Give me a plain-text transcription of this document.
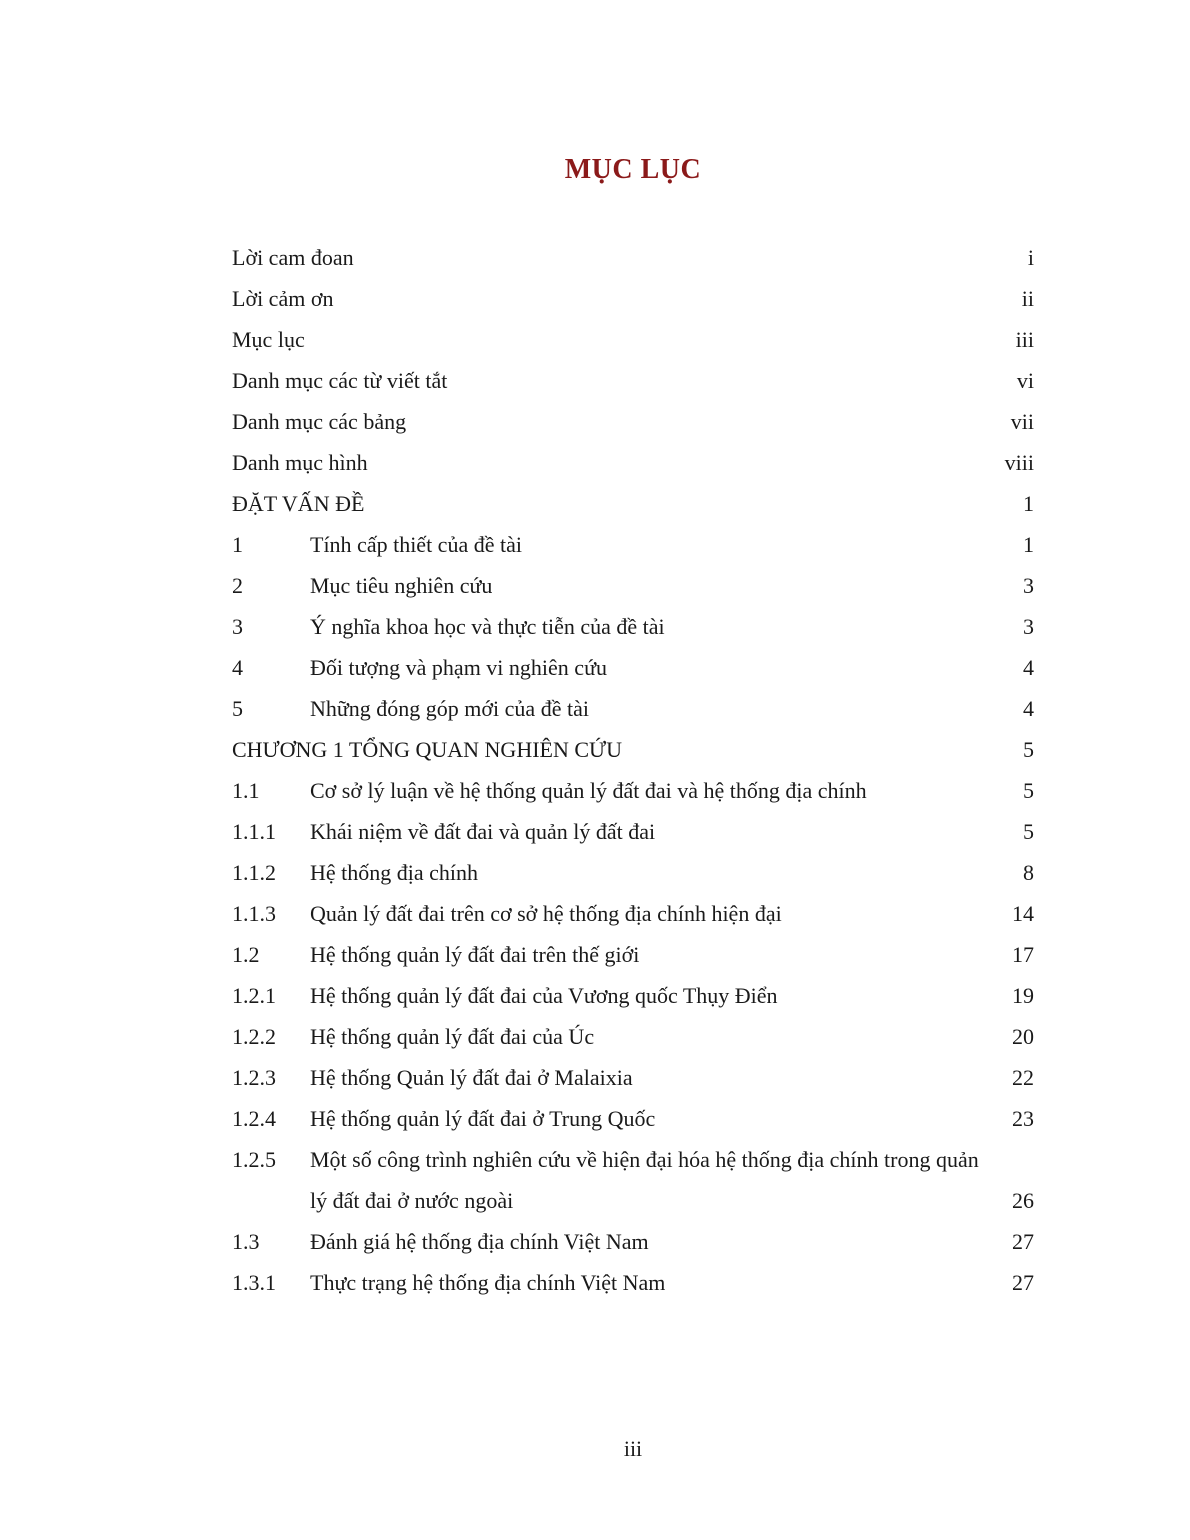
MỤC LỤC
Lời cam đoan	i
Lời cảm ơn	ii
Mục lục	iii
Danh mục các từ viết tắt	vi
Danh mục các bảng	vii
Danh mục hình	viii
ĐẶT VẤN ĐỀ	1
1	Tính cấp thiết của đề tài	1
2	Mục tiêu nghiên cứu	3
3	Ý nghĩa khoa học và thực tiễn của đề tài	3
4	Đối tượng và phạm vi nghiên cứu	4
5	Những đóng góp mới của đề tài	4
CHƯƠNG 1 TỔNG QUAN NGHIÊN CỨU	5
1.1 Cơ sở lý luận về hệ thống quản lý đất đai và hệ thống địa chính	5
1.1.1 Khái niệm về đất đai và quản lý đất đai	5
1.1.2 Hệ thống địa chính	8
1.1.3 Quản lý đất đai trên cơ sở hệ thống địa chính hiện đại	14
1.2 Hệ thống quản lý đất đai trên thế giới	17
1.2.1 Hệ thống quản lý đất đai của Vương quốc Thụy Điển	19
1.2.2 Hệ thống quản lý đất đai của Úc	20
1.2.3 Hệ thống Quản lý đất đai ở Malaixia	22
1.2.4 Hệ thống quản lý đất đai ở Trung Quốc	23
1.2.5 Một số công trình nghiên cứu về hiện đại hóa hệ thống địa chính trong quản lý đất đai ở nước ngoài	26
1.3 Đánh giá hệ thống địa chính Việt Nam	27
1.3.1 Thực trạng hệ thống địa chính Việt Nam	27
iii
